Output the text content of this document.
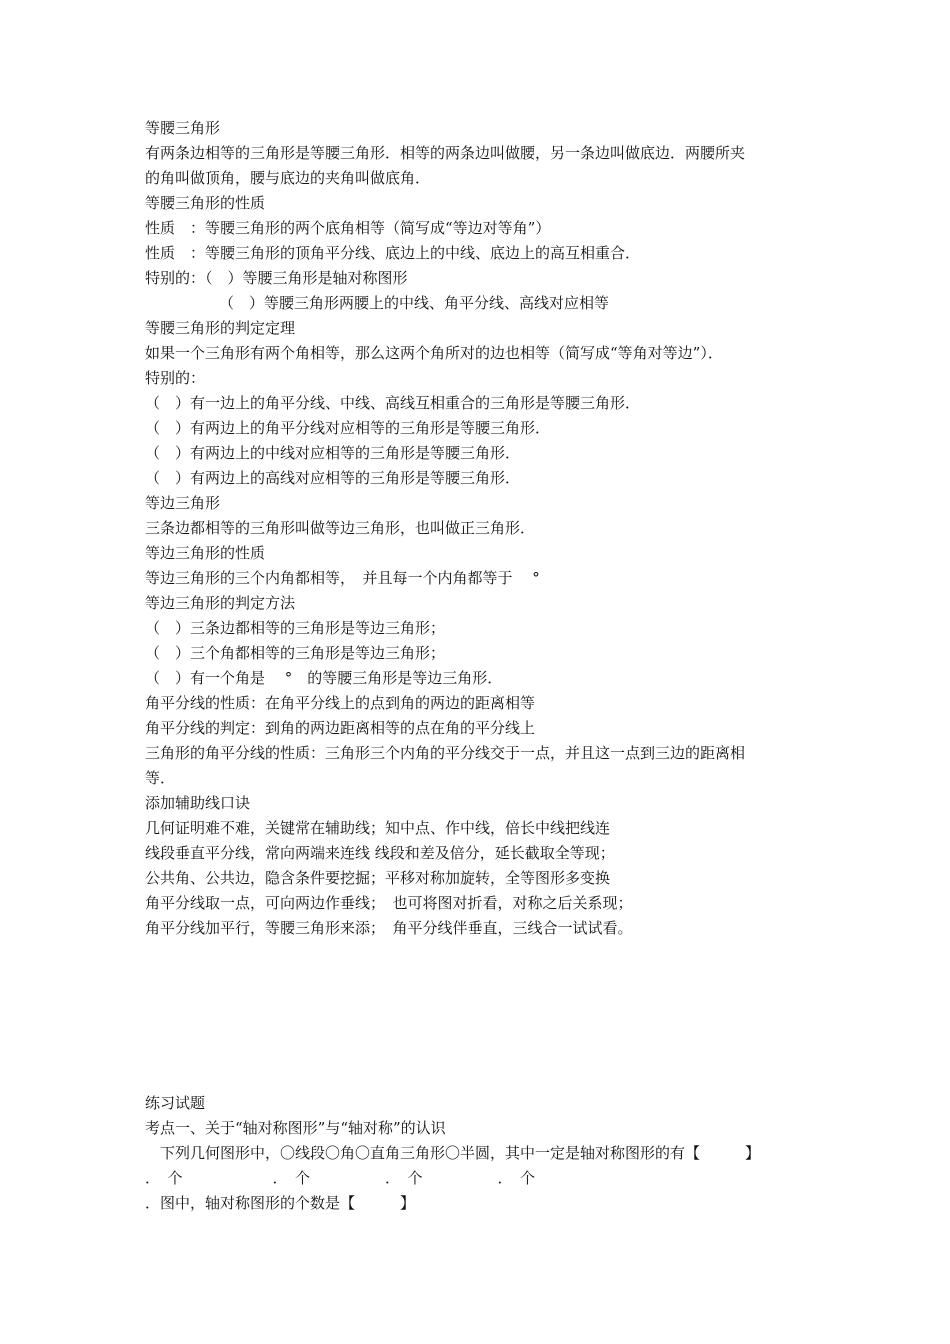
等腰三角形

有两条边相等的三角形是等腰三角形．相等的两条边叫做腰，另一条边叫做底边．两腰所夹

的角叫做顶角，腰与底边的夹角叫做底角．

等腰三角形的性质

性质　：等腰三角形的两个底角相等（简写成“等边对等角”）

性质　：等腰三角形的顶角平分线、底边上的中线、底边上的高互相重合．

特别的：（　）等腰三角形是轴对称图形

（　）等腰三角形两腰上的中线、角平分线、高线对应相等

等腰三角形的判定定理

如果一个三角形有两个角相等，那么这两个角所对的边也相等（简写成“等角对等边”）．

特别的：

（　）有一边上的角平分线、中线、高线互相重合的三角形是等腰三角形．

（　）有两边上的角平分线对应相等的三角形是等腰三角形．

（　）有两边上的中线对应相等的三角形是等腰三角形．

（　）有两边上的高线对应相等的三角形是等腰三角形．

等边三角形

三条边都相等的三角形叫做等边三角形，也叫做正三角形．

等边三角形的性质

等边三角形的三个内角都相等，　并且每一个内角都等于　 °

等边三角形的判定方法

（　）三条边都相等的三角形是等边三角形；

（　）三个角都相等的三角形是等边三角形；

（　）有一个角是　 °　的等腰三角形是等边三角形．

角平分线的性质：在角平分线上的点到角的两边的距离相等

角平分线的判定：到角的两边距离相等的点在角的平分线上

三角形的角平分线的性质：三角形三个内角的平分线交于一点，并且这一点到三边的距离相

等．

添加辅助线口诀

几何证明难不难，关键常在辅助线；知中点、作中线，倍长中线把线连

线段垂直平分线，常向两端来连线 线段和差及倍分，延长截取全等现；

公共角、公共边，隐含条件要挖掘；平移对称加旋转，全等图形多变换

角平分线取一点，可向两边作垂线；　也可将图对折看，对称之后关系现；

角平分线加平行，等腰三角形来添；　角平分线伴垂直，三线合一试试看。

练习试题

考点一、关于“轴对称图形”与“轴对称”的认识

　下列几何图形中，〇线段〇角〇直角三角形〇半圆，其中一定是轴对称图形的有【　　　】

．　个　　　　　　．　个　　　　　．　个　　　　　．　个

．图中，轴对称图形的个数是【　　　】
